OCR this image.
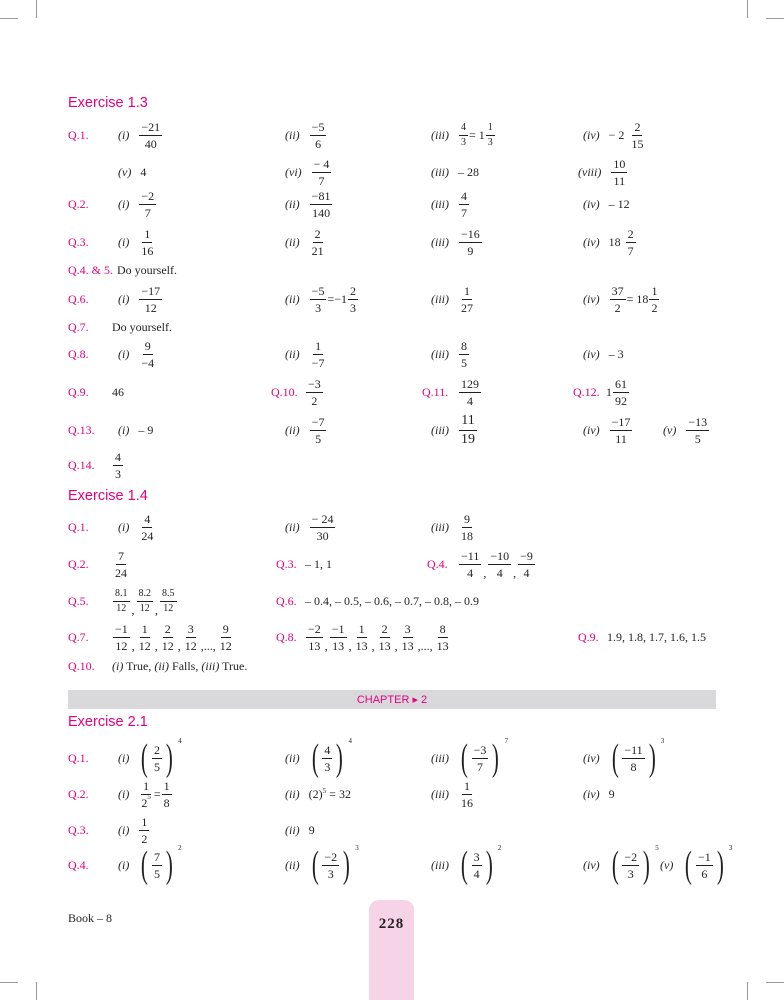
Exercise 1.3
Q.1. (i)
−21
40
(ii)
−5
6
$(iii) \frac{4}{3} = 1$
1
3
(iv) − 2
2
15
(v) 4	(vi)
− 4
7
(iii) – 28	(viii)
10
11
Q.2. (i)
−2
7
(ii)
−81
140
(iii)
4
7
(iv) – 12
Q.3. (i)
1
16
(ii)
2
21
(iii)
−16
9
(iv) 18
2
7
Q.4. & 5. Do yourself.
Q.6. (i)
−17
12
$(ii) \frac{-5}{3} =-1$
2
3
(iii)
1
27
$(iv) \frac{37}{2} = 18$
1
2
Q.7. Do yourself.
Q.8. (i)
9
−4
(ii)
1
−7
(iii)
8
5
(iv) – 3
Q.9. 46	Q.10.
−3
2
Q.11.
129
4
Q.12. 1
61
92
Q.13. (i) – 9	(ii)
−7
5
(iii)
11
19
(iv)
−17
11
(v)
−13
5
Q.14.
4
3
Exercise 1.4
Q.1. (i)
4
24
(ii)
− 24
30
(iii)
9
18
Q.2.
7
24
Q.3. – 1, 1	Q.4.
−11
4 ,
−10
4 ,
−9
4
Q.5.
8.1
12 ,
8.2
12 ,
8.5
12
Q.6. – 0.4, – 0.5, – 0.6, – 0.7, – 0.8, – 0.9
Q.7.
−1
12 ,
1
12 ,
2
12 ,
3
12 ,...,
9
12
Q.8.
−2
13 ,
−1
13 ,
1
13 ,
2
13 ,
3
13 ,...,
8
13
Q.9. 1.9, 1.8, 1.7, 1.6, 1.5
Q.10. (i) True, (ii) Falls, (iii) True.
CHAPTER ▸ 2
Exercise 2.1
Q.1. (i) ( 2
5 ) 4
(ii) ( 4
3 ) 4
(iii) ( −3
7 ) 7
(iv) ( −11
8 ) 3
Q.2. $(i) \frac{1}{2^5} = \frac{1}{8}$	(ii) $(2)^5 = 32$	(iii)
1
16
(iv) 9
Q.3. (i)
1
2
(ii) 9
Q.4. (i) ( 7
5 ) 2
(ii) ( −2
3 ) 3
(iii) ( 3
4 ) 2
(iv) ( −2
3 ) 5
(v) ( −1
6 ) 3
Book – 8	228
